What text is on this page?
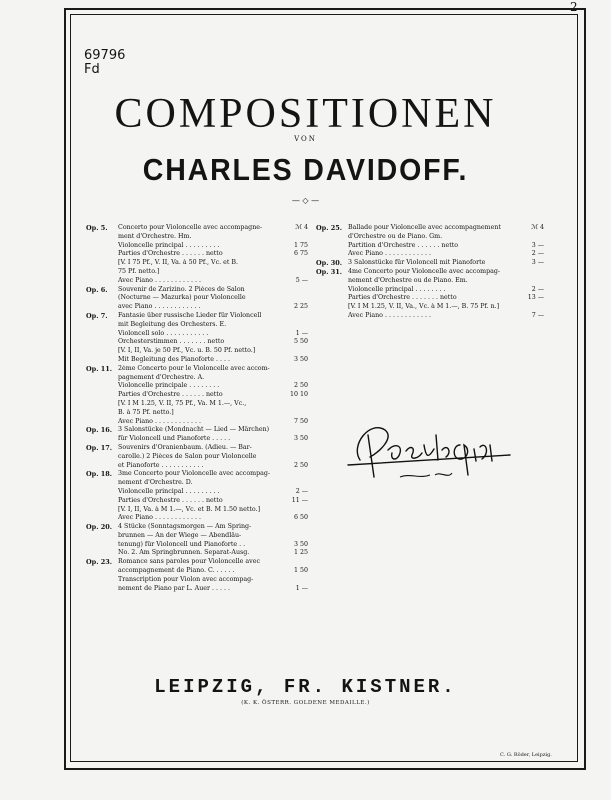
2
69796
Fd
COMPOSITIONEN
VON
CHARLES DAVIDOFF.
— ◇ —
Op. 5. Concerto pour Violoncelle avec accompagne-	ℳ 4
ment d'Orchestre. Hm.
Violoncelle principal . . . . . . . . .	1 75
Parties d'Orchestre . . . . . . netto	6 75
[V. I 75 Pf., V. II, Va. à 50 Pf., Vc. et B.
75 Pf. netto.]
Avec Piano . . . . . . . . . . . .	5 —
Op. 6. Souvenir de Zarizino. 2 Pièces de Salon
(Nocturne — Mazurka) pour Violoncelle
avec Piano . . . . . . . . . . . .	2 25
Op. 7. Fantasie über russische Lieder für Violoncell
mit Begleitung des Orchesters. E.
Violoncell solo . . . . . . . . . . .	1 —
Orchesterstimmen . . . . . . . netto	5 50
[V. I, II, Va. je 50 Pf., Vc. u. B. 50 Pf. netto.]
Mit Begleitung des Pianoforte . . . .	3 50
Op. 11. 2ème Concerto pour le Violoncelle avec accom-
pagnement d'Orchestre. A.
Violoncelle principale . . . . . . . .	2 50
Parties d'Orchestre . . . . . . netto	10 10
[V. I M 1.25, V. II, 75 Pf., Va. M 1.—, Vc.,
B. à 75 Pf. netto.]
Avec Piano . . . . . . . . . . . .	7 50
Op. 16. 3 Salonstücke (Mondnacht — Lied — Märchen)
für Violoncell und Pianoforte . . . . .	3 50
Op. 17. Souvenirs d'Oranienbaum. (Adieu. — Bar-
carolle.) 2 Pièces de Salon pour Violoncelle
et Pianoforte . . . . . . . . . . .	2 50
Op. 18. 3me Concerto pour Violoncelle avec accompag-
nement d'Orchestre. D.
Violoncelle principal . . . . . . . . .	2 —
Parties d'Orchestre . . . . . . netto	11 —
[V. I, II, Va. à M 1.—, Vc. et B. M 1.50 netto.]
Avec Piano . . . . . . . . . . . .	6 50
Op. 20. 4 Stücke (Sonntagsmorgen — Am Spring-
brunnen — An der Wiege — Abendläu-
tenung) für Violoncell und Pianoforte . .	3 50
No. 2. Am Springbrunnen. Separat-Ausg.	1 25
Op. 23. Romance sans paroles pour Violoncelle avec
accompagnement de Piano. C. . . . . .	1 50
Transcription pour Violon avec accompag-
nement de Piano par L. Auer . . . . .	1 —
Op. 25. Ballade pour Violoncelle avec accompagnement	ℳ 4
d'Orchestre ou de Piano. Gm.
Partition d'Orchestre . . . . . . netto	3 —
Avec Piano . . . . . . . . . . . .	2 —
Op. 30. 3 Salonstücke für Violoncell mit Pianoforte	3 —
Op. 31. 4me Concerto pour Violoncelle avec accompag-
nement d'Orchestre ou de Piano. Em.
Violoncelle principal . . . . . . . .	2 —
Parties d'Orchestre . . . . . . . netto	13 —
[V. I M 1.25, V. II, Va., Vc. à M 1.—, B. 75 Pf. n.]
Avec Piano . . . . . . . . . . . .	7 —
LEIPZIG, FR. KISTNER.
(K. K. ÖSTERR. GOLDENE MEDAILLE.)
C. G. Röder, Leipzig.
